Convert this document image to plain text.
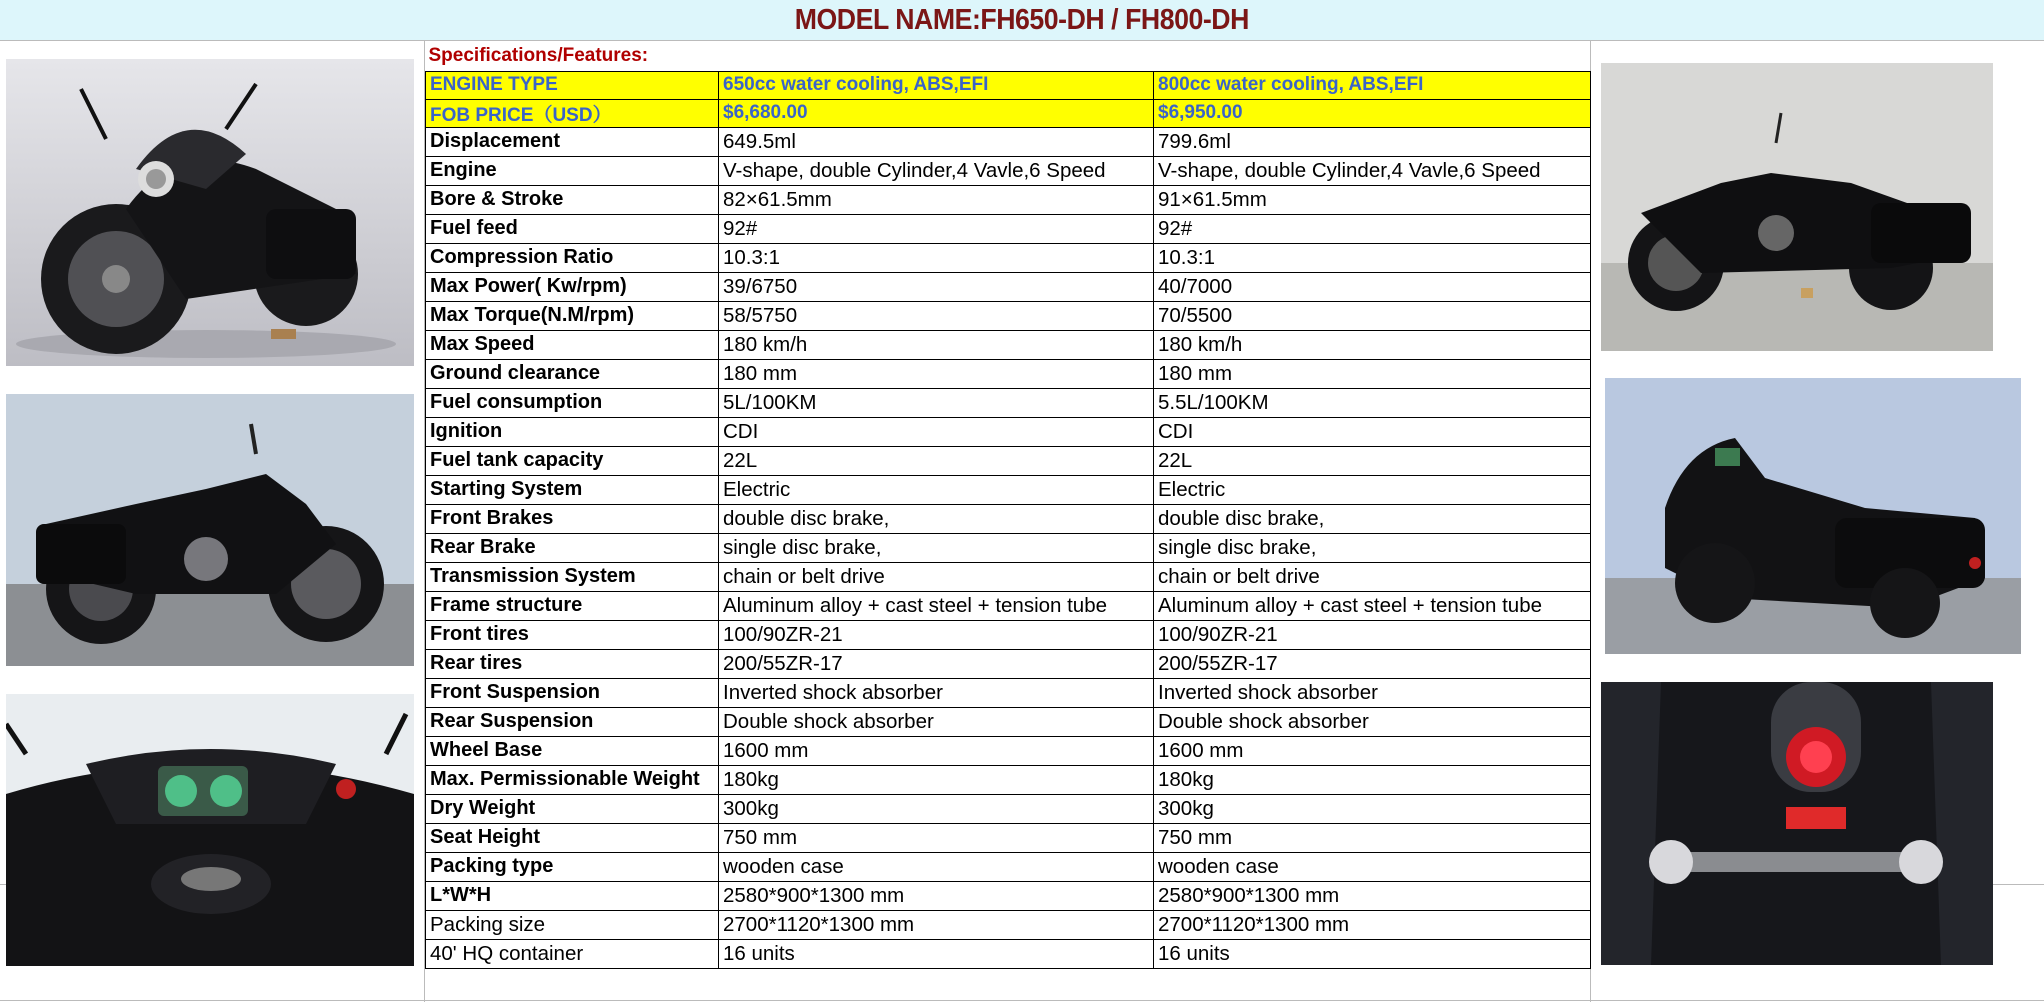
MODEL NAME:FH650-DH / FH800-DH
Specifications/Features:		
ENGINE TYPE	650cc water cooling, ABS,EFI	800cc water cooling, ABS,EFI
FOB PRICE（USD）	$6,680.00	$6,950.00
Displacement	649.5ml	799.6ml
Engine	V-shape, double Cylinder,4 Vavle,6 Speed	V-shape, double Cylinder,4 Vavle,6 Speed
Bore & Stroke	82×61.5mm	91×61.5mm
Fuel feed	92#	92#
Compression Ratio	10.3:1	10.3:1
Max Power( Kw/rpm)	39/6750	40/7000
Max Torque(N.M/rpm)	58/5750	70/5500
Max Speed	180 km/h	180 km/h
Ground clearance	180 mm	180 mm
Fuel consumption	5L/100KM	5.5L/100KM
Ignition	CDI	CDI
Fuel tank capacity	22L	22L
Starting System	Electric	Electric
Front Brakes	double disc brake,	double disc brake,
Rear Brake	single disc brake,	single disc brake,
Transmission System	chain or belt drive	chain or belt drive
Frame structure	Aluminum alloy + cast steel + tension tube	Aluminum alloy + cast steel + tension tube
Front tires	100/90ZR-21	100/90ZR-21
Rear tires	200/55ZR-17	200/55ZR-17
Front Suspension	Inverted shock absorber	Inverted shock absorber
Rear Suspension	Double shock absorber	Double shock absorber
Wheel Base	1600 mm	1600 mm
Max. Permissionable Weight	180kg	180kg
Dry Weight	300kg	300kg
Seat Height	750 mm	750 mm
Packing type	wooden case	wooden case
L*W*H	2580*900*1300 mm	2580*900*1300 mm
Packing size	2700*1120*1300 mm	2700*1120*1300 mm
40' HQ container	16 units	16 units
